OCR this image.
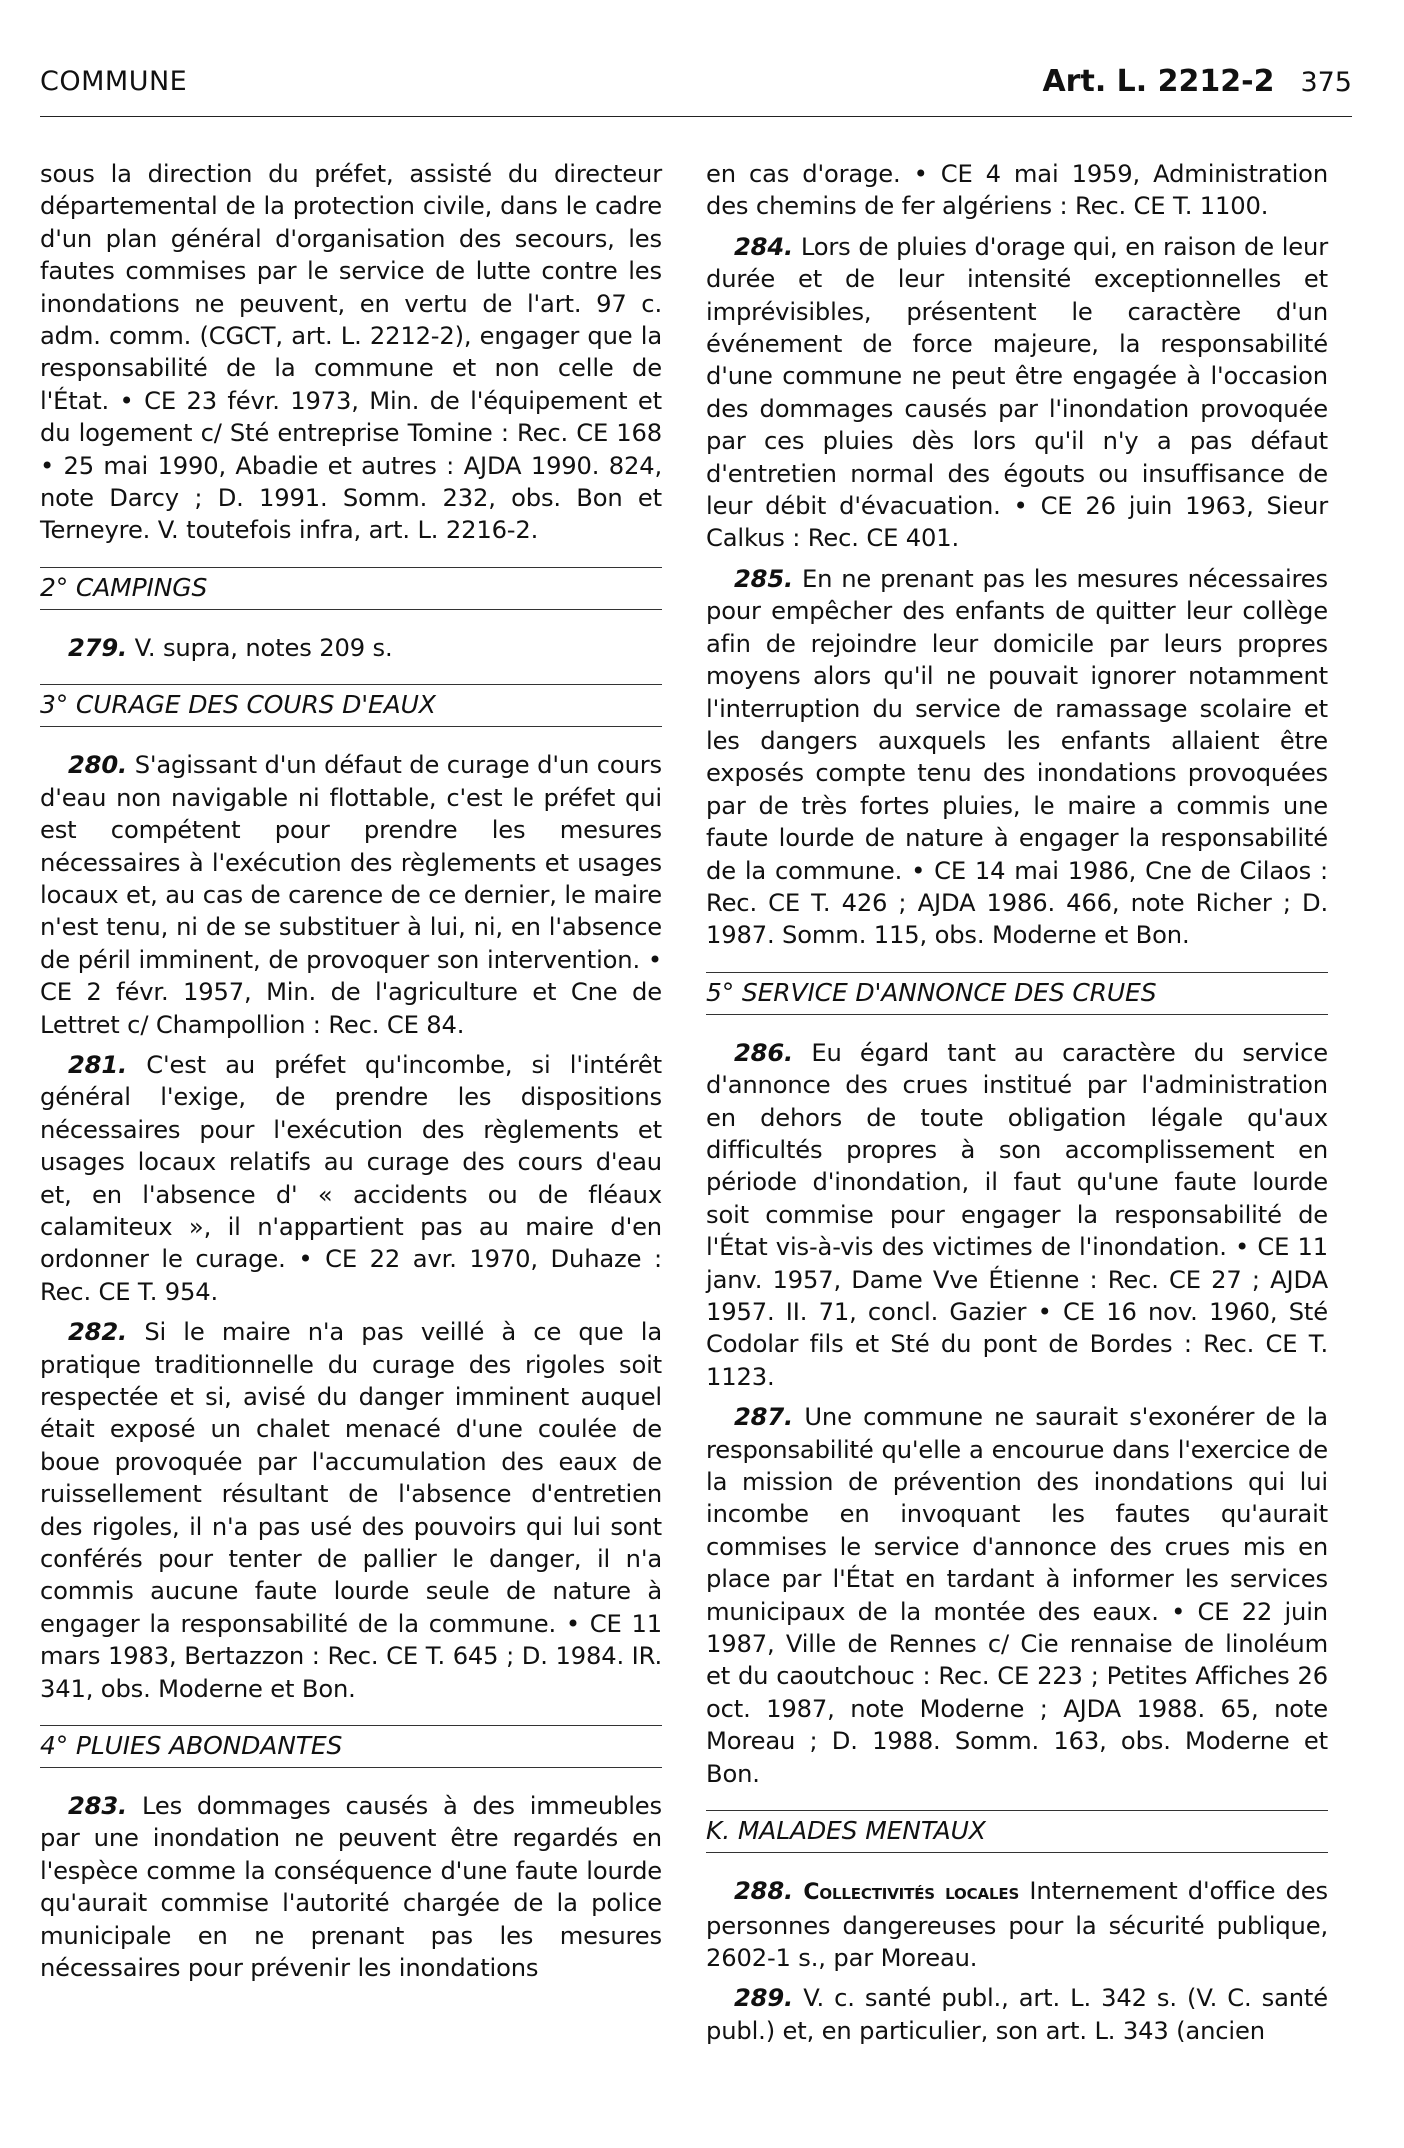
COMMUNE	Art. L. 2212-2 375

sous la direction du préfet, assisté du directeur départemental de la protection civile, dans le cadre d'un plan général d'organisation des secours, les fautes commises par le service de lutte contre les inondations ne peuvent, en vertu de l'art. 97 c. adm. comm. (CGCT, art. L. 2212-2), engager que la responsabilité de la commune et non celle de l'État. • CE 23 févr. 1973, Min. de l'équipement et du logement c/ Sté entreprise Tomine : Rec. CE 168 • 25 mai 1990, Abadie et autres : AJDA 1990. 824, note Darcy ; D. 1991. Somm. 232, obs. Bon et Terneyre. V. toutefois infra, art. L. 2216-2.

2° CAMPINGS

279. V. supra, notes 209 s.

3° CURAGE DES COURS D'EAUX

280. S'agissant d'un défaut de curage d'un cours d'eau non navigable ni flottable, c'est le préfet qui est compétent pour prendre les mesures nécessaires à l'exécution des règlements et usages locaux et, au cas de carence de ce dernier, le maire n'est tenu, ni de se substituer à lui, ni, en l'absence de péril imminent, de provoquer son intervention. • CE 2 févr. 1957, Min. de l'agriculture et Cne de Lettret c/ Champollion : Rec. CE 84.

281. C'est au préfet qu'incombe, si l'intérêt général l'exige, de prendre les dispositions nécessaires pour l'exécution des règlements et usages locaux relatifs au curage des cours d'eau et, en l'absence d' « accidents ou de fléaux calamiteux », il n'appartient pas au maire d'en ordonner le curage. • CE 22 avr. 1970, Duhaze : Rec. CE T. 954.

282. Si le maire n'a pas veillé à ce que la pratique traditionnelle du curage des rigoles soit respectée et si, avisé du danger imminent auquel était exposé un chalet menacé d'une coulée de boue provoquée par l'accumulation des eaux de ruissellement résultant de l'absence d'entretien des rigoles, il n'a pas usé des pouvoirs qui lui sont conférés pour tenter de pallier le danger, il n'a commis aucune faute lourde seule de nature à engager la responsabilité de la commune. • CE 11 mars 1983, Bertazzon : Rec. CE T. 645 ; D. 1984. IR. 341, obs. Moderne et Bon.

4° PLUIES ABONDANTES

283. Les dommages causés à des immeubles par une inondation ne peuvent être regardés en l'espèce comme la conséquence d'une faute lourde qu'aurait commise l'autorité chargée de la police municipale en ne prenant pas les mesures nécessaires pour prévenir les inondations

en cas d'orage. • CE 4 mai 1959, Administration des chemins de fer algériens : Rec. CE T. 1100.

284. Lors de pluies d'orage qui, en raison de leur durée et de leur intensité exceptionnelles et imprévisibles, présentent le caractère d'un événement de force majeure, la responsabilité d'une commune ne peut être engagée à l'occasion des dommages causés par l'inondation provoquée par ces pluies dès lors qu'il n'y a pas défaut d'entretien normal des égouts ou insuffisance de leur débit d'évacuation. • CE 26 juin 1963, Sieur Calkus : Rec. CE 401.

285. En ne prenant pas les mesures nécessaires pour empêcher des enfants de quitter leur collège afin de rejoindre leur domicile par leurs propres moyens alors qu'il ne pouvait ignorer notamment l'interruption du service de ramassage scolaire et les dangers auxquels les enfants allaient être exposés compte tenu des inondations provoquées par de très fortes pluies, le maire a commis une faute lourde de nature à engager la responsabilité de la commune. • CE 14 mai 1986, Cne de Cilaos : Rec. CE T. 426 ; AJDA 1986. 466, note Richer ; D. 1987. Somm. 115, obs. Moderne et Bon.

5° SERVICE D'ANNONCE DES CRUES

286. Eu égard tant au caractère du service d'annonce des crues institué par l'administration en dehors de toute obligation légale qu'aux difficultés propres à son accomplissement en période d'inondation, il faut qu'une faute lourde soit commise pour engager la responsabilité de l'État vis-à-vis des victimes de l'inondation. • CE 11 janv. 1957, Dame Vve Étienne : Rec. CE 27 ; AJDA 1957. II. 71, concl. Gazier • CE 16 nov. 1960, Sté Codolar fils et Sté du pont de Bordes : Rec. CE T. 1123.

287. Une commune ne saurait s'exonérer de la responsabilité qu'elle a encourue dans l'exercice de la mission de prévention des inondations qui lui incombe en invoquant les fautes qu'aurait commises le service d'annonce des crues mis en place par l'État en tardant à informer les services municipaux de la montée des eaux. • CE 22 juin 1987, Ville de Rennes c/ Cie rennaise de linoléum et du caoutchouc : Rec. CE 223 ; Petites Affiches 26 oct. 1987, note Moderne ; AJDA 1988. 65, note Moreau ; D. 1988. Somm. 163, obs. Moderne et Bon.

K. MALADES MENTAUX

288. Collectivités locales Internement d'office des personnes dangereuses pour la sécurité publique, 2602-1 s., par Moreau.

289. V. c. santé publ., art. L. 342 s. (V. C. santé publ.) et, en particulier, son art. L. 343 (ancien
